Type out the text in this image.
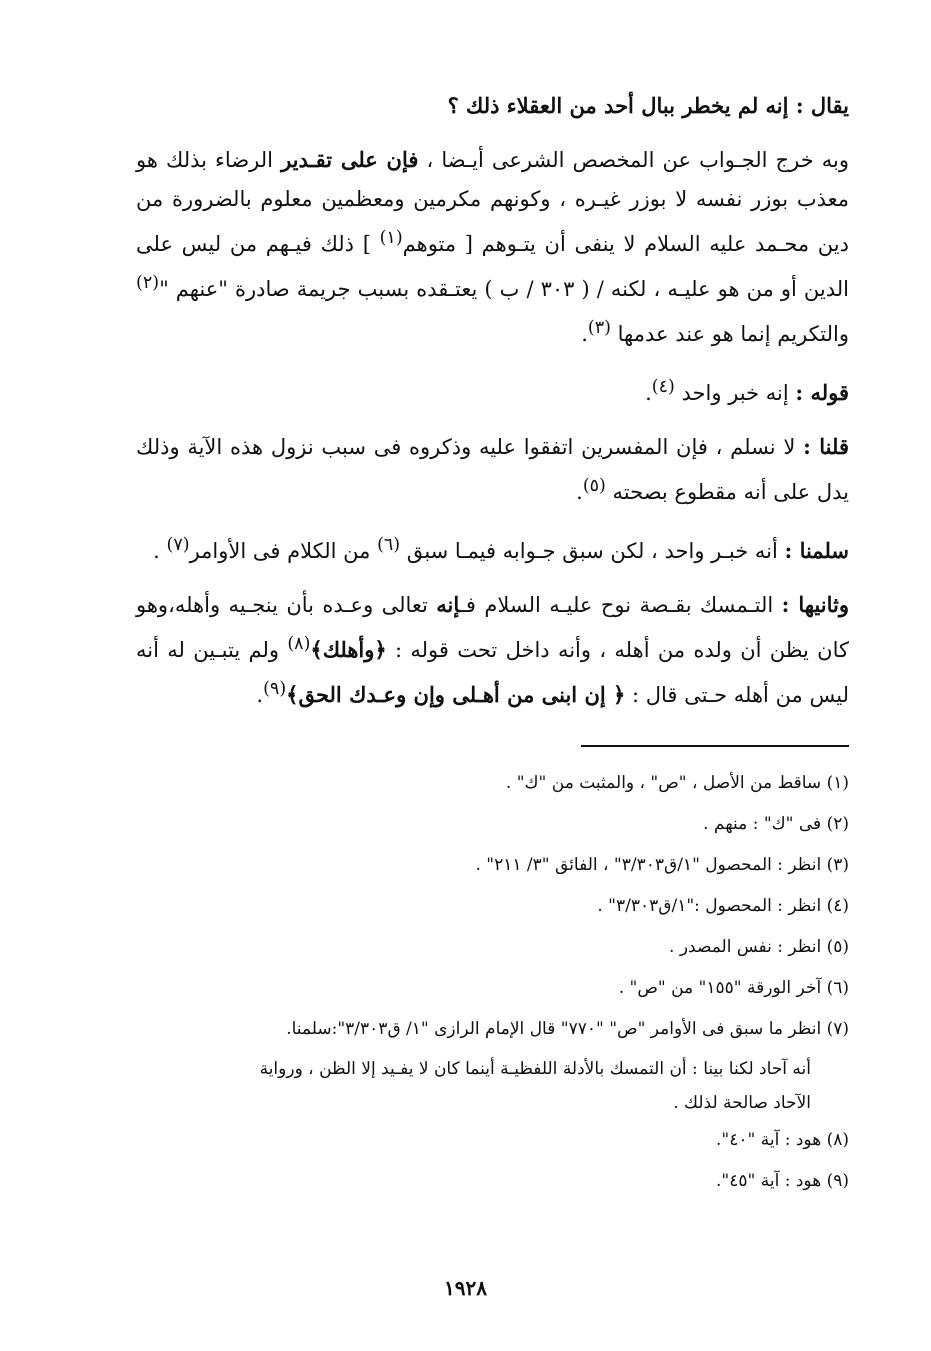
يقال : إنه لم يخطر ببال أحد من العقلاء ذلك ؟

وبه خرج الجـواب عن المخصص الشرعى أيـضا ، فإن على تقـدير الرضاء بذلك هو معذب بوزر نفسه لا بوزر غيـره ، وكونهم مكرمين ومعظمين معلوم بالضرورة من دين محـمد عليه السلام لا ينفى أن يتـوهم [ متوهم$^{(١)}$ ] ذلك فيـهم من ليس على الدين أو من هو عليـه ، لكنه / ( ٣٠٣ / ب ) يعتـقده بسبب جريمة صادرة "عنهم "$^{(٢)}$ والتكريم إنما هو عند عدمها $^{(٣)}$.

قوله : إنه خبر واحد $^{(٤)}$.

قلنا : لا نسلم ، فإن المفسرين اتفقوا عليه وذكروه فى سبب نزول هذه الآية وذلك يدل على أنه مقطوع بصحته $^{(٥)}$.

سلمنا : أنه خبـر واحد ، لكن سبق جـوابه فيمـا سبق $^{(٦)}$ من الكلام فى الأوامر$^{(٧)}$ .

وثانيها : التـمسك بقـصة نوح عليـه السلام فـإنه تعالى وعـده بأن ينجـيه وأهله،وهو كان يظن أن ولده من أهله ، وأنه داخل تحت قوله : ﴿وأهلك﴾$^{(٨)}$ ولم يتبـين له أنه ليس من أهله حـتى قال : ﴿ إن ابنى من أهـلى وإن وعـدك الحق﴾$^{(٩)}$.

(١) ساقط من الأصل ، "ص" ، والمثبت من "ك" .

(٢) فى "ك" : منهم .

(٣) انظر : المحصول "١/ق٣/٣٠٣" ، الفائق "٣/ ٢١١" .

(٤) انظر : المحصول :"١/ق٣/٣٠٣" .

(٥) انظر : نفس المصدر .

(٦) آخر الورقة "١٥٥" من "ص" .

(٧) انظر ما سبق فى الأوامر "ص" "٧٧٠" قال الإمام الرازى "١/ ق٣/٣٠٣":سلمنا.

أنه آحاد لكنا بينا : أن التمسك بالأدلة اللفظيـة أينما كان لا يفـيد إلا الظن ، ورواية

الآحاد صالحة لذلك .

(٨) هود : آية "٤٠".

(٩) هود : آية "٤٥".

١٩٢٨
